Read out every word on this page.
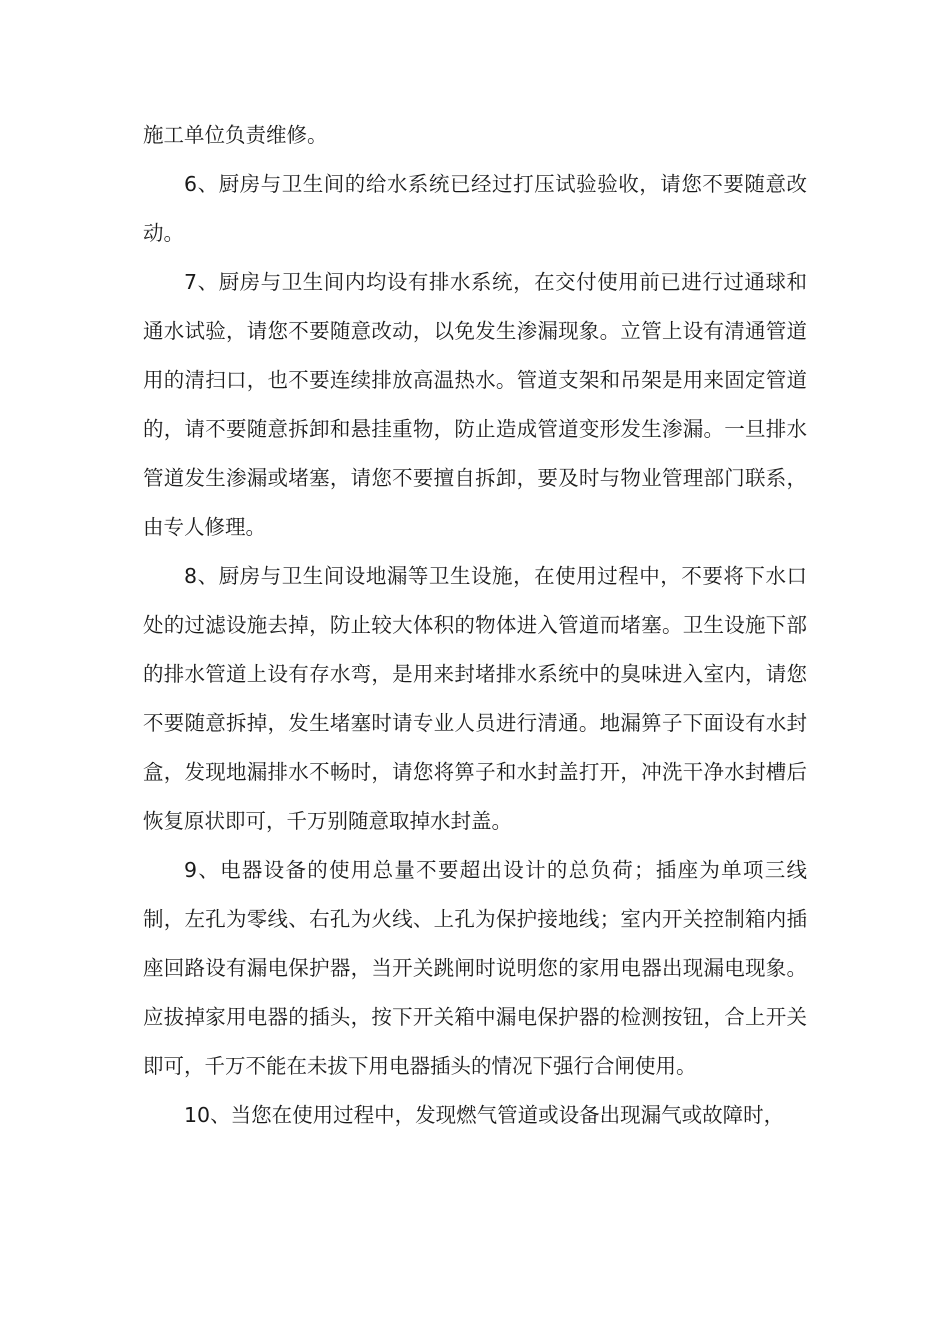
施工单位负责维修。

6、厨房与卫生间的给水系统已经过打压试验验收，请您不要随意改动。

7、厨房与卫生间内均设有排水系统，在交付使用前已进行过通球和通水试验，请您不要随意改动，以免发生渗漏现象。立管上设有清通管道用的清扫口，也不要连续排放高温热水。管道支架和吊架是用来固定管道的，请不要随意拆卸和悬挂重物，防止造成管道变形发生渗漏。一旦排水管道发生渗漏或堵塞，请您不要擅自拆卸，要及时与物业管理部门联系，由专人修理。

8、厨房与卫生间设地漏等卫生设施，在使用过程中，不要将下水口处的过滤设施去掉，防止较大体积的物体进入管道而堵塞。卫生设施下部的排水管道上设有存水弯，是用来封堵排水系统中的臭味进入室内，请您不要随意拆掉，发生堵塞时请专业人员进行清通。地漏箅子下面设有水封盒，发现地漏排水不畅时，请您将箅子和水封盖打开，冲洗干净水封槽后恢复原状即可，千万别随意取掉水封盖。

9、电器设备的使用总量不要超出设计的总负荷；插座为单项三线制，左孔为零线、右孔为火线、上孔为保护接地线；室内开关控制箱内插座回路设有漏电保护器，当开关跳闸时说明您的家用电器出现漏电现象。应拔掉家用电器的插头，按下开关箱中漏电保护器的检测按钮，合上开关即可，千万不能在未拔下用电器插头的情况下强行合闸使用。

10、当您在使用过程中，发现燃气管道或设备出现漏气或故障时，
